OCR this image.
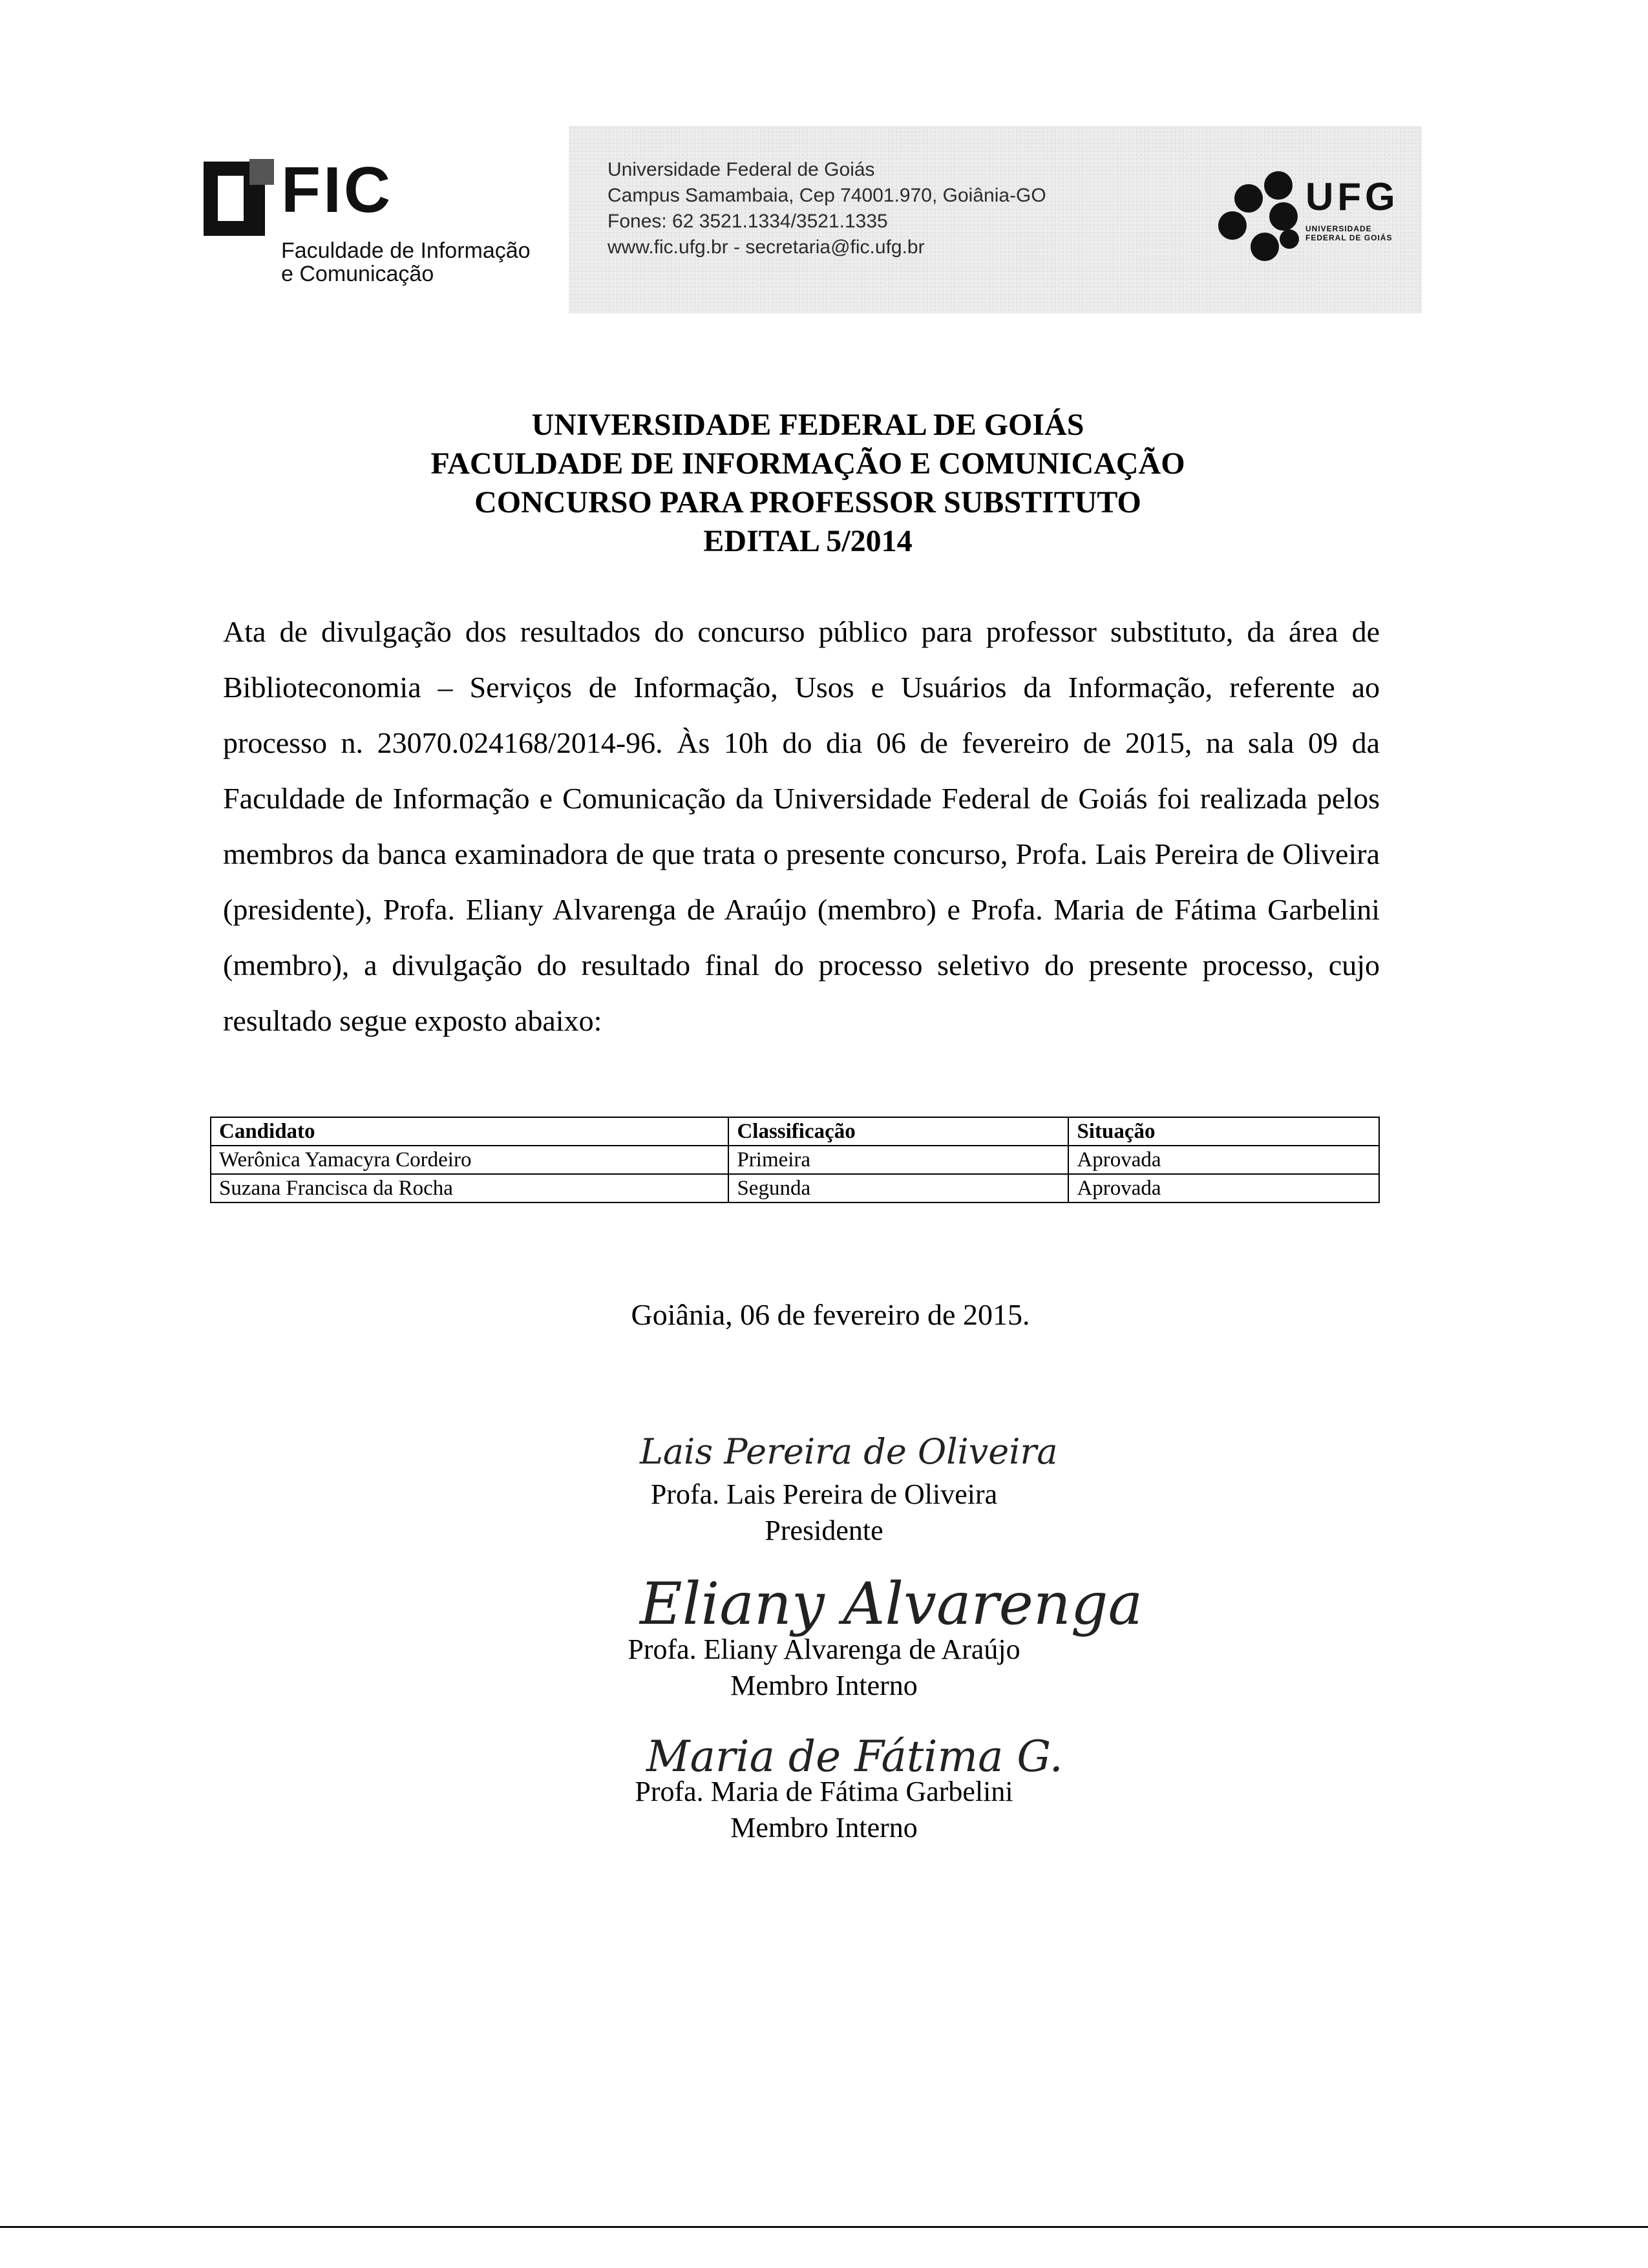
FIC
Faculdade de Informação
e Comunicação
Universidade Federal de Goiás
Campus Samambaia, Cep 74001.970, Goiânia-GO
Fones: 62 3521.1334/3521.1335
www.fic.ufg.br - secretaria@fic.ufg.br
UFG
UNIVERSIDADE
FEDERAL DE GOIÁS
UNIVERSIDADE FEDERAL DE GOIÁS
FACULDADE DE INFORMAÇÃO E COMUNICAÇÃO
CONCURSO PARA PROFESSOR SUBSTITUTO
EDITAL 5/2014
Ata de divulgação dos resultados do concurso público para professor substituto, da área de Biblioteconomia – Serviços de Informação, Usos e Usuários da Informação, referente ao processo n. 23070.024168/2014-96. Às 10h do dia 06 de fevereiro de 2015, na sala 09 da Faculdade de Informação e Comunicação da Universidade Federal de Goiás foi realizada pelos membros da banca examinadora de que trata o presente concurso, Profa. Lais Pereira de Oliveira (presidente), Profa. Eliany Alvarenga de Araújo (membro) e Profa. Maria de Fátima Garbelini (membro), a divulgação do resultado final do processo seletivo do presente processo, cujo resultado segue exposto abaixo:
Candidato	Classificação	Situação
Werônica Yamacyra Cordeiro	Primeira	Aprovada
Suzana Francisca da Rocha	Segunda	Aprovada
Goiânia, 06 de fevereiro de 2015.
Lais Pereira de Oliveira
Profa. Lais Pereira de Oliveira
Presidente
Eliany Alvarenga
Profa. Eliany Alvarenga de Araújo
Membro Interno
Maria de Fátima G.
Profa. Maria de Fátima Garbelini
Membro Interno
